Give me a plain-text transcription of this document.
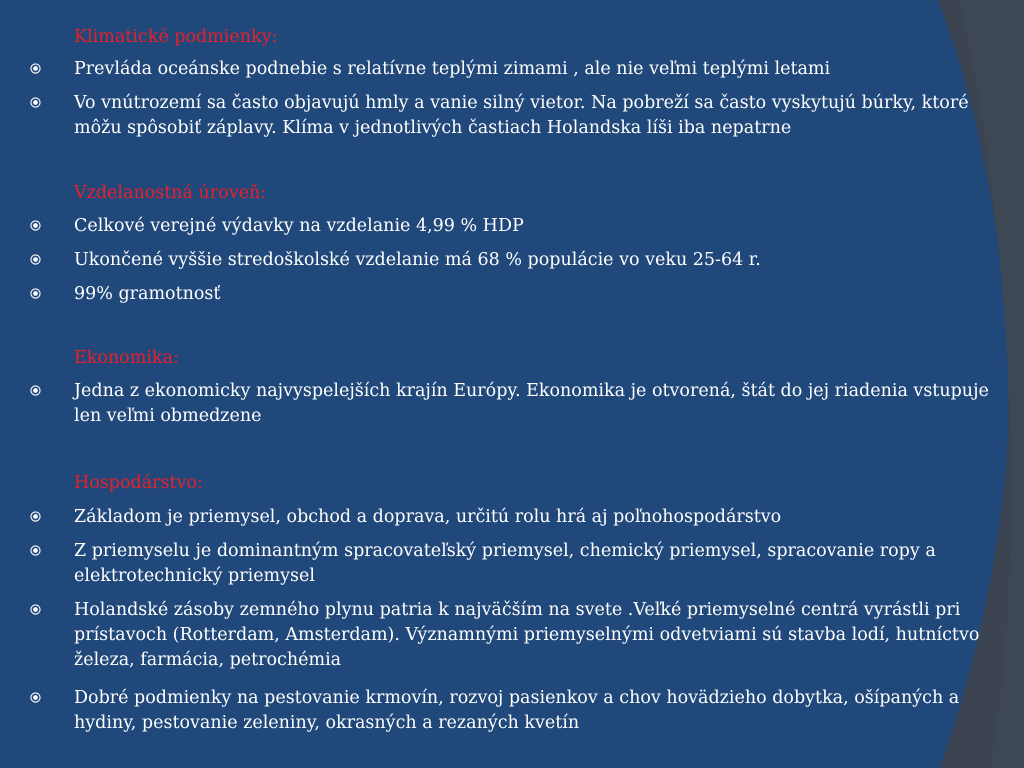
Klimatické podmienky:
Prevláda oceánske podnebie s relatívne teplými zimami , ale nie veľmi teplými letami
Vo vnútrozemí sa často objavujú hmly a vanie silný vietor. Na pobreží sa často vyskytujú búrky, ktoré môžu spôsobiť záplavy. Klíma v jednotlivých častiach Holandska líši iba nepatrne
Vzdelanostná úroveň:
Celkové verejné výdavky na vzdelanie 4,99 % HDP
Ukončené vyššie stredoškolské vzdelanie má 68 % populácie vo veku 25-64 r.
99% gramotnosť
Ekonomika:
Jedna z ekonomicky najvyspelejších krajín Európy. Ekonomika je otvorená, štát do jej riadenia vstupuje len veľmi obmedzene
Hospodárstvo:
Základom je priemysel, obchod a doprava, určitú rolu hrá aj poľnohospodárstvo
Z priemyselu je dominantným spracovateľský priemysel, chemický priemysel, spracovanie ropy a elektrotechnický priemysel
Holandské zásoby zemného plynu patria k najväčším na svete .Veľké priemyselné centrá vyrástli pri prístavoch (Rotterdam, Amsterdam). Významnými priemyselnými odvetviami sú stavba lodí, hutníctvo železa, farmácia, petrochémia
Dobré podmienky na pestovanie krmovín, rozvoj pasienkov a chov hovädzieho dobytka, ošípaných a hydiny, pestovanie zeleniny, okrasných a rezaných kvetín
